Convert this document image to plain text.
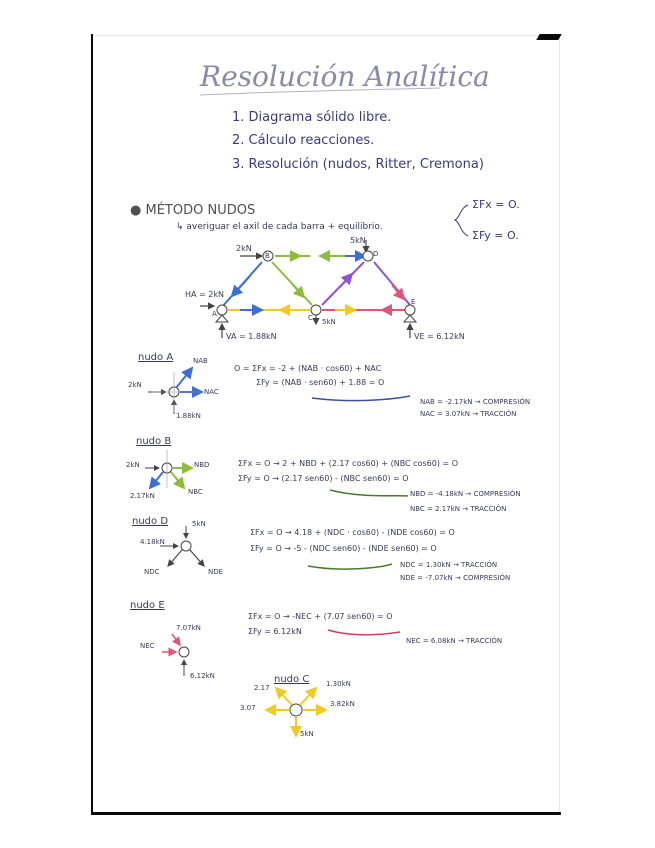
Resolución Analítica
1. Diagrama sólido libre.
2. Cálculo reacciones.
3. Resolución (nudos, Ritter, Cremona)
● MÉTODO NUDOS
↳ averiguar el axil de cada barra + equilibrio.
ΣFx = O.
ΣFy = O.
2kN
5kN
B	D
A	C
E
HA = 2kN
VA = 1.88kN	VE = 6.12kN
5kN
nudo A	NAB
NAC
2kN
1.88kN
O = ΣFx = -2 + (NAB · cos60) + NAC
ΣFy = (NAB · sen60) + 1.88 = O
NAB = -2.17kN → COMPRESIÓN
NAC = 3.07kN → TRACCIÓN
nudo B
2kN	NBD
2.17kN	NBC
ΣFx = O → 2 + NBD + (2.17 cos60) + (NBC cos60) = O
ΣFy = O → (2.17 sen60) - (NBC sen60) = O
NBD = -4.18kN → COMPRESIÓN
NBC = 2.17kN → TRACCIÓN
nudo D	5kN
4.18kN
NDC	NDE
ΣFx = O → 4.18 + (NDC · cos60) - (NDE cos60) = O
ΣFy = O → -5 - (NDC sen60) - (NDE sen60) = O
NDC = 1.30kN → TRACCIÓN
NDE = -7.07kN → COMPRESIÓN
nudo E
7.07kN
NEC
6.12kN
ΣFx = O → -NEC + (7.07 sen60) = O
ΣFy = 6.12kN
NEC = 6.08kN → TRACCIÓN
nudo C
2.17	1.30kN
3.07	3.82kN
5kN
